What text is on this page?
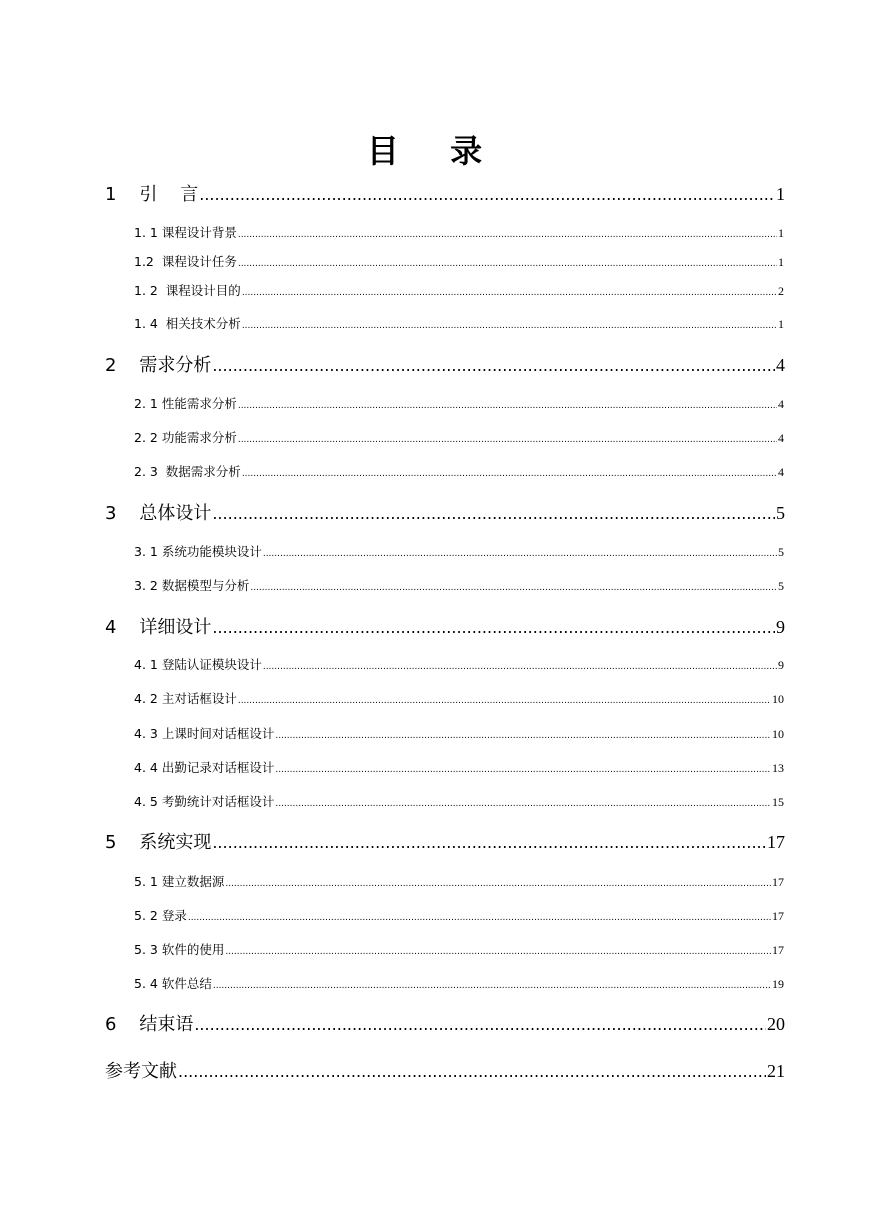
目 录
1    引    言 .....	1
1. 1 课程设计背景 .....	1
1.2  课程设计任务 .....	1
1. 2  课程设计目的 .....	2
1. 4  相关技术分析 .....	1
2    需求分析 .....	4
2. 1 性能需求分析 .....	4
2. 2 功能需求分析 .....	4
2. 3  数据需求分析 .....	4
3    总体设计 .....	5
3. 1 系统功能模块设计 .....	5
3. 2 数据模型与分析 .....	5
4    详细设计 .....	9
4. 1 登陆认证模块设计 .....	9
4. 2 主对话框设计 .....	10
4. 3 上课时间对话框设计 .....	10
4. 4 出勤记录对话框设计 .....	13
4. 5 考勤统计对话框设计 .....	15
5    系统实现 .....	17
5. 1 建立数据源 .....	17
5. 2 登录 .....	17
5. 3 软件的使用 .....	17
5. 4 软件总结 .....	19
6    结束语 .....	20
参考文献 .....	21
